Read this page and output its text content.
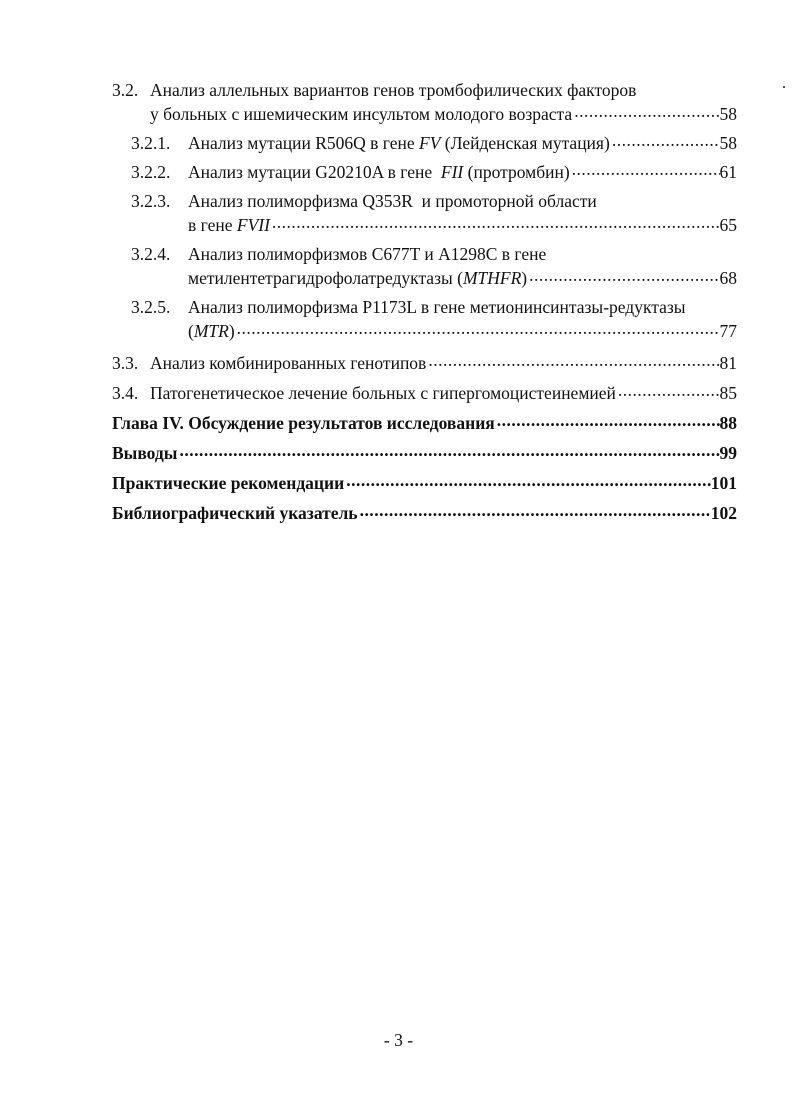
3.2. Анализ аллельных вариантов генов тромбофилических факторов
у больных с ишемическим инсультом молодого возраста .....	58
3.2.1.	Анализ мутации R506Q в гене FV (Лейденская мутация) .....	58
3.2.2.	Анализ мутации G20210A в гене FII (протромбин) .....	61
3.2.3.	Анализ полиморфизма Q353R  и промоторной области
в гене FVII .....	65
3.2.4.	Анализ полиморфизмов C677T и A1298C в гене
метилентетрагидрофолатредуктазы ( MTHFR ) .....	68
3.2.5.	Анализ полиморфизма P1173L в гене метионинсинтазы-редуктазы
( MTR ) .....	77
3.3. Анализ комбинированных генотипов .....	81
3.4. Патогенетическое лечение больных с гипергомоцистеинемией .....	85
Глава IV. Обсуждение результатов исследования .....	88
Выводы .....	99
Практические рекомендации .....	101
Библиографический указатель .....	102
- 3 -
